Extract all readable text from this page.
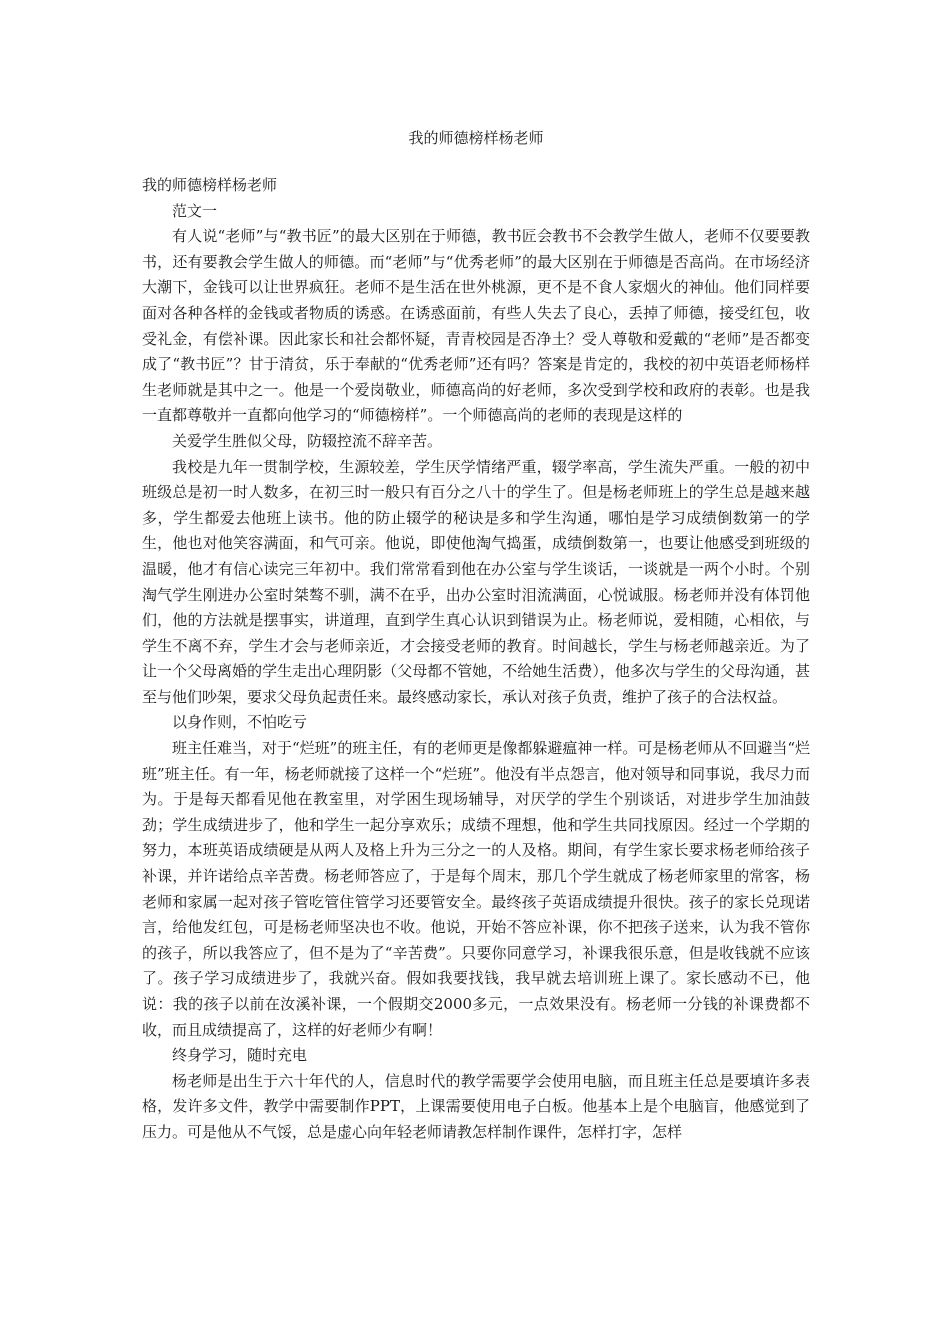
我的师德榜样杨老师

我的师德榜样杨老师

范文一

有人说“老师”与“教书匠”的最大区别在于师德，教书匠会教书不会教学生做人，老师不仅要要教书，还有要教会学生做人的师德。而“老师”与“优秀老师”的最大区别在于师德是否高尚。在市场经济大潮下，金钱可以让世界疯狂。老师不是生活在世外桃源，更不是不食人家烟火的神仙。他们同样要面对各种各样的金钱或者物质的诱惑。在诱惑面前，有些人失去了良心，丢掉了师德，接受红包，收受礼金，有偿补课。因此家长和社会都怀疑，青青校园是否净土？受人尊敬和爱戴的“老师”是否都变成了“教书匠”？甘于清贫，乐于奉献的“优秀老师”还有吗？答案是肯定的，我校的初中英语老师杨样生老师就是其中之一。他是一个爱岗敬业，师德高尚的好老师，多次受到学校和政府的表彰。也是我一直都尊敬并一直都向他学习的“师德榜样”。一个师德高尚的老师的表现是这样的

关爱学生胜似父母，防辍控流不辞辛苦。

我校是九年一贯制学校，生源较差，学生厌学情绪严重，辍学率高，学生流失严重。一般的初中班级总是初一时人数多，在初三时一般只有百分之八十的学生了。但是杨老师班上的学生总是越来越多，学生都爱去他班上读书。他的防止辍学的秘诀是多和学生沟通，哪怕是学习成绩倒数第一的学生，他也对他笑容满面，和气可亲。他说，即使他淘气捣蛋，成绩倒数第一，也要让他感受到班级的温暖，他才有信心读完三年初中。我们常常看到他在办公室与学生谈话，一谈就是一两个小时。个别淘气学生刚进办公室时桀骜不驯，满不在乎，出办公室时泪流满面，心悦诚服。杨老师并没有体罚他们，他的方法就是摆事实，讲道理，直到学生真心认识到错误为止。杨老师说，爱相随，心相依，与学生不离不弃，学生才会与老师亲近，才会接受老师的教育。时间越长，学生与杨老师越亲近。为了让一个父母离婚的学生走出心理阴影（父母都不管她，不给她生活费），他多次与学生的父母沟通，甚至与他们吵架，要求父母负起责任来。最终感动家长，承认对孩子负责，维护了孩子的合法权益。

以身作则，不怕吃亏

班主任难当，对于“烂班”的班主任，有的老师更是像都躲避瘟神一样。可是杨老师从不回避当“烂班”班主任。有一年，杨老师就接了这样一个“烂班”。他没有半点怨言，他对领导和同事说，我尽力而为。于是每天都看见他在教室里，对学困生现场辅导，对厌学的学生个别谈话，对进步学生加油鼓劲；学生成绩进步了，他和学生一起分享欢乐；成绩不理想，他和学生共同找原因。经过一个学期的努力，本班英语成绩硬是从两人及格上升为三分之一的人及格。期间，有学生家长要求杨老师给孩子补课，并许诺给点辛苦费。杨老师答应了，于是每个周末，那几个学生就成了杨老师家里的常客，杨老师和家属一起对孩子管吃管住管学习还要管安全。最终孩子英语成绩提升很快。孩子的家长兑现诺言，给他发红包，可是杨老师坚决也不收。他说，开始不答应补课，你不把孩子送来，认为我不管你的孩子，所以我答应了，但不是为了“辛苦费”。只要你同意学习，补课我很乐意，但是收钱就不应该了。孩子学习成绩进步了，我就兴奋。假如我要找钱，我早就去培训班上课了。家长感动不已，他说：我的孩子以前在汝溪补课，一个假期交2000多元，一点效果没有。杨老师一分钱的补课费都不收，而且成绩提高了，这样的好老师少有啊！

终身学习，随时充电

杨老师是出生于六十年代的人，信息时代的教学需要学会使用电脑，而且班主任总是要填许多表格，发许多文件，教学中需要制作PPT，上课需要使用电子白板。他基本上是个电脑盲，他感觉到了压力。可是他从不气馁，总是虚心向年轻老师请教怎样制作课件，怎样打字，怎样
